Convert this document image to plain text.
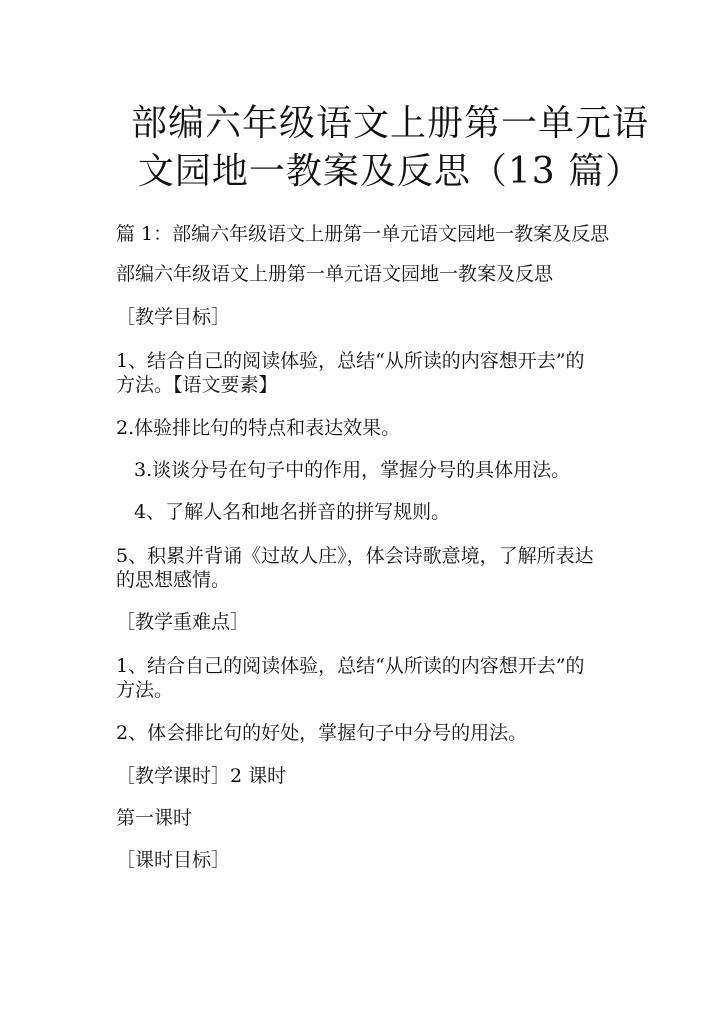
部编六年级语文上册第一单元语
文园地一教案及反思（13 篇）

篇 1：部编六年级语文上册第一单元语文园地一教案及反思

部编六年级语文上册第一单元语文园地一教案及反思

［教学目标］

1、结合自己的阅读体验，总结“从所读的内容想开去”的

方法。【语文要素】

2.体验排比句的特点和表达效果。

3.谈谈分号在句子中的作用，掌握分号的具体用法。

4、了解人名和地名拼音的拼写规则。

5、积累并背诵《过故人庄》，体会诗歌意境，了解所表达

的思想感情。

［教学重难点］

1、结合自己的阅读体验，总结“从所读的内容想开去”的

方法。

2、体会排比句的好处，掌握句子中分号的用法。

［教学课时］2 课时

第一课时

［课时目标］
